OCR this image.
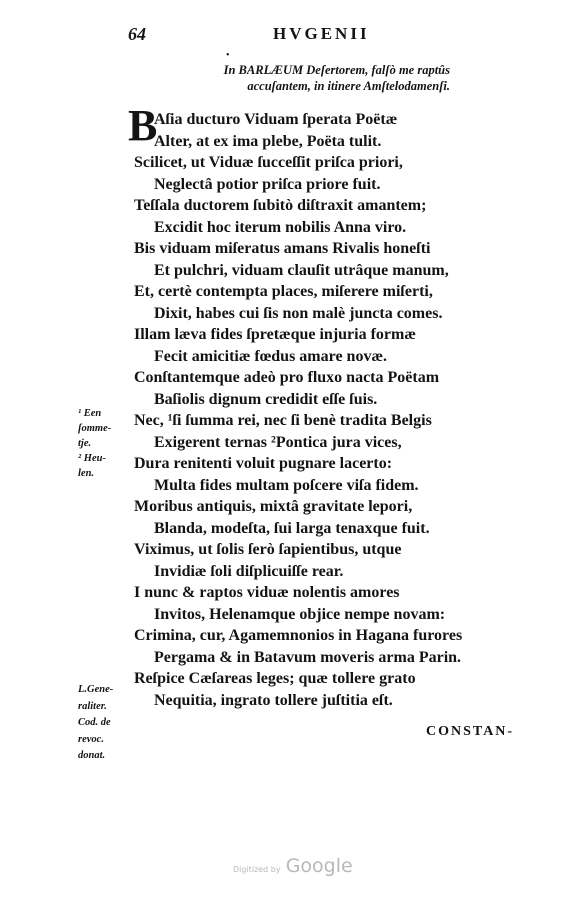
64	HVGENII
•
In BARLÆUM Deſertorem, falſò me raptûs
accuſantem, in itinere Amſtelodamenſi.
B
Aſia ducturo Viduam ſperata Poëtæ
Alter, at ex ima plebe, Poëta tulit.
Scilicet, ut Viduæ ſucceſſit priſca priori,
Neglectâ potior priſca priore fuit.
Teſſala ductorem ſubitò diſtraxit amantem;
Excidit hoc iterum nobilis Anna viro.
Bis viduam miſeratus amans Rivalis honeſti
Et pulchri, viduam clauſit utrâque manum,
Et, certè contempta places, miſerere miſerti,
Dixit, habes cui ſis non malè juncta comes.
Illam læva fides ſpretæque injuria formæ
Fecit amicitiæ fœdus amare novæ.
Conſtantemque adeò pro fluxo nacta Poëtam
Baſiolis dignum credidit eſſe ſuis.
Nec, ¹ſi ſumma rei, nec ſi benè tradita Belgis
Exigerent ternas ²Pontica jura vices,
Dura renitenti voluit pugnare lacerto:
Multa fides multam poſcere viſa fidem.
Moribus antiquis, mixtâ gravitate lepori,
Blanda, modeſta, ſui larga tenaxque fuit.
Viximus, ut ſolis ſerò ſapientibus, utque
Invidiæ ſoli diſplicuiſſe rear.
I nunc & raptos viduæ nolentis amores
Invitos, Helenamque objice nempe novam:
Crimina, cur, Agamemnonios in Hagana furores
Pergama & in Batavum moveris arma Parin.
Reſpice Cæſareas leges; quæ tollere grato
Nequitia, ingrato tollere juſtitia eſt.
¹ Een
ſomme-
tje.
² Heu-
len.
L.Gene-
raliter.
Cod. de
revoc.
donat.
CONSTAN-
Digitized by Google
